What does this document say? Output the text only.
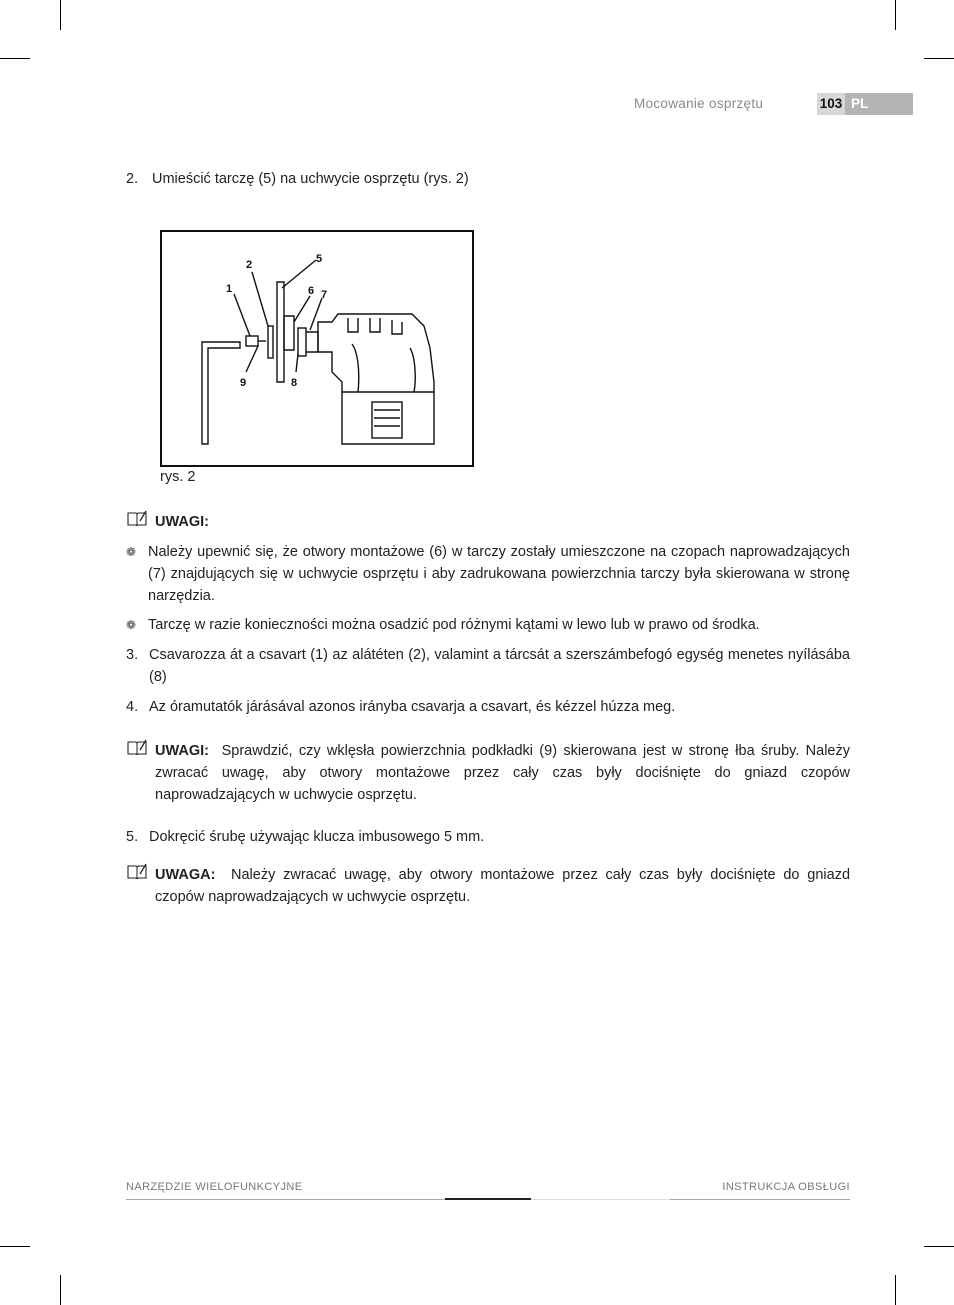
Mocowanie osprzętu	103 PL
2. Umieścić tarczę (5) na uchwycie osprzętu (rys. 2)
1
2	5
6 7
9	8
rys. 2
UWAGI:
❁ Należy upewnić się, że otwory montażowe (6) w tarczy zostały umieszczone na czopach naprowadzających (7) znajdujących się w uchwycie osprzętu i aby zadrukowana powierzchnia tarczy była skierowana w stronę narzędzia.
❁ Tarczę w razie konieczności można osadzić pod różnymi kątami w lewo lub w prawo od środka.
3. Csavarozza át a csavart (1) az alátéten (2), valamint a tárcsát a szerszámbefogó egység menetes nyílásába (8)
4. Az óramutatók járásával azonos irányba csavarja a csavart, és kézzel húzza meg.
UWAGI: Sprawdzić, czy wklęsła powierzchnia podkładki (9) skierowana jest w stronę łba śruby. Należy zwracać uwagę, aby otwory montażowe przez cały czas były dociśnięte do gniazd czopów naprowadzających w uchwycie osprzętu.
5. Dokręcić śrubę używając klucza imbusowego 5 mm.
UWAGA: Należy zwracać uwagę, aby otwory montażowe przez cały czas były dociśnięte do gniazd czopów naprowadzających w uchwycie osprzętu.
NARZĘDZIE WIELOFUNKCYJNE	INSTRUKCJA OBSŁUGI
